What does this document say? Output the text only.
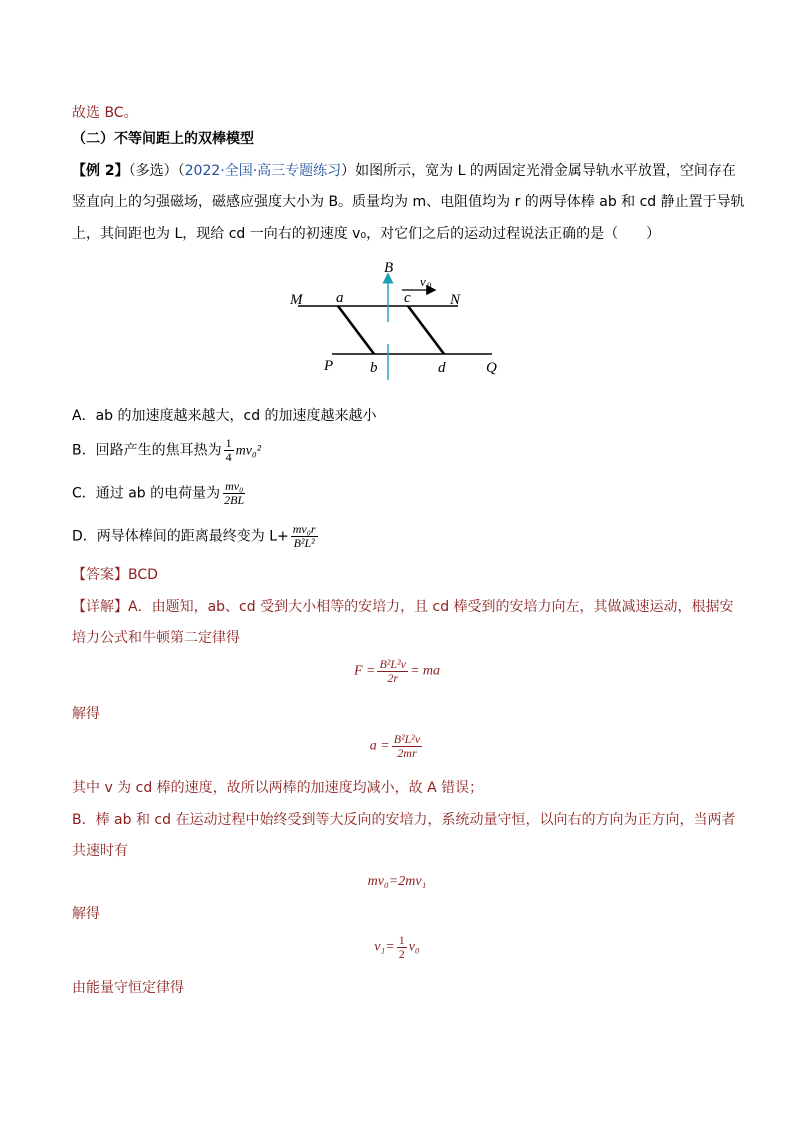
故选 BC。
（二）不等间距上的双棒模型
【例 2】（多选）（2022·全国·高三专题练习）如图所示，宽为 L 的两固定光滑金属导轨水平放置，空间存在
竖直向上的匀强磁场，磁感应强度大小为 B。质量均为 m、电阻值均为 r 的两导体棒 ab 和 cd 静止置于导轨
上，其间距也为 L，现给 cd 一向右的初速度 v₀，对它们之后的运动过程说法正确的是（　　）
B
v 0
M	N
P	Q
a
b
c
d
A．ab 的加速度越来越大，cd 的加速度越来越小
B．回路产生的焦耳热为 $\frac{1}{4} mv_0^2$
C．通过 ab 的电荷量为 $\frac{\text{mv₀}}{2BL}$
D．两导体棒间的距离最终变为 $L+ \frac{\text{mv₀r}}{\text{B²L²}}$
【答案】BCD
【详解】A．由题知，ab、cd 受到大小相等的安培力，且 cd 棒受到的安培力向左，其做减速运动，根据安
培力公式和牛顿第二定律得
$F = \frac{\text{B²L²v}}{2r}$ = ma
解得
$a = \frac{\text{B²L²v}}{2mr}$
其中 v 为 cd 棒的速度，故所以两棒的加速度均减小，故 A 错误；
B．棒 ab 和 cd 在运动过程中始终受到等大反向的安培力，系统动量守恒，以向右的方向为正方向，当两者
共速时有
mv₀=2mv₁
解得
$v_1= \frac{1}{2} v_0$
由能量守恒定律得
